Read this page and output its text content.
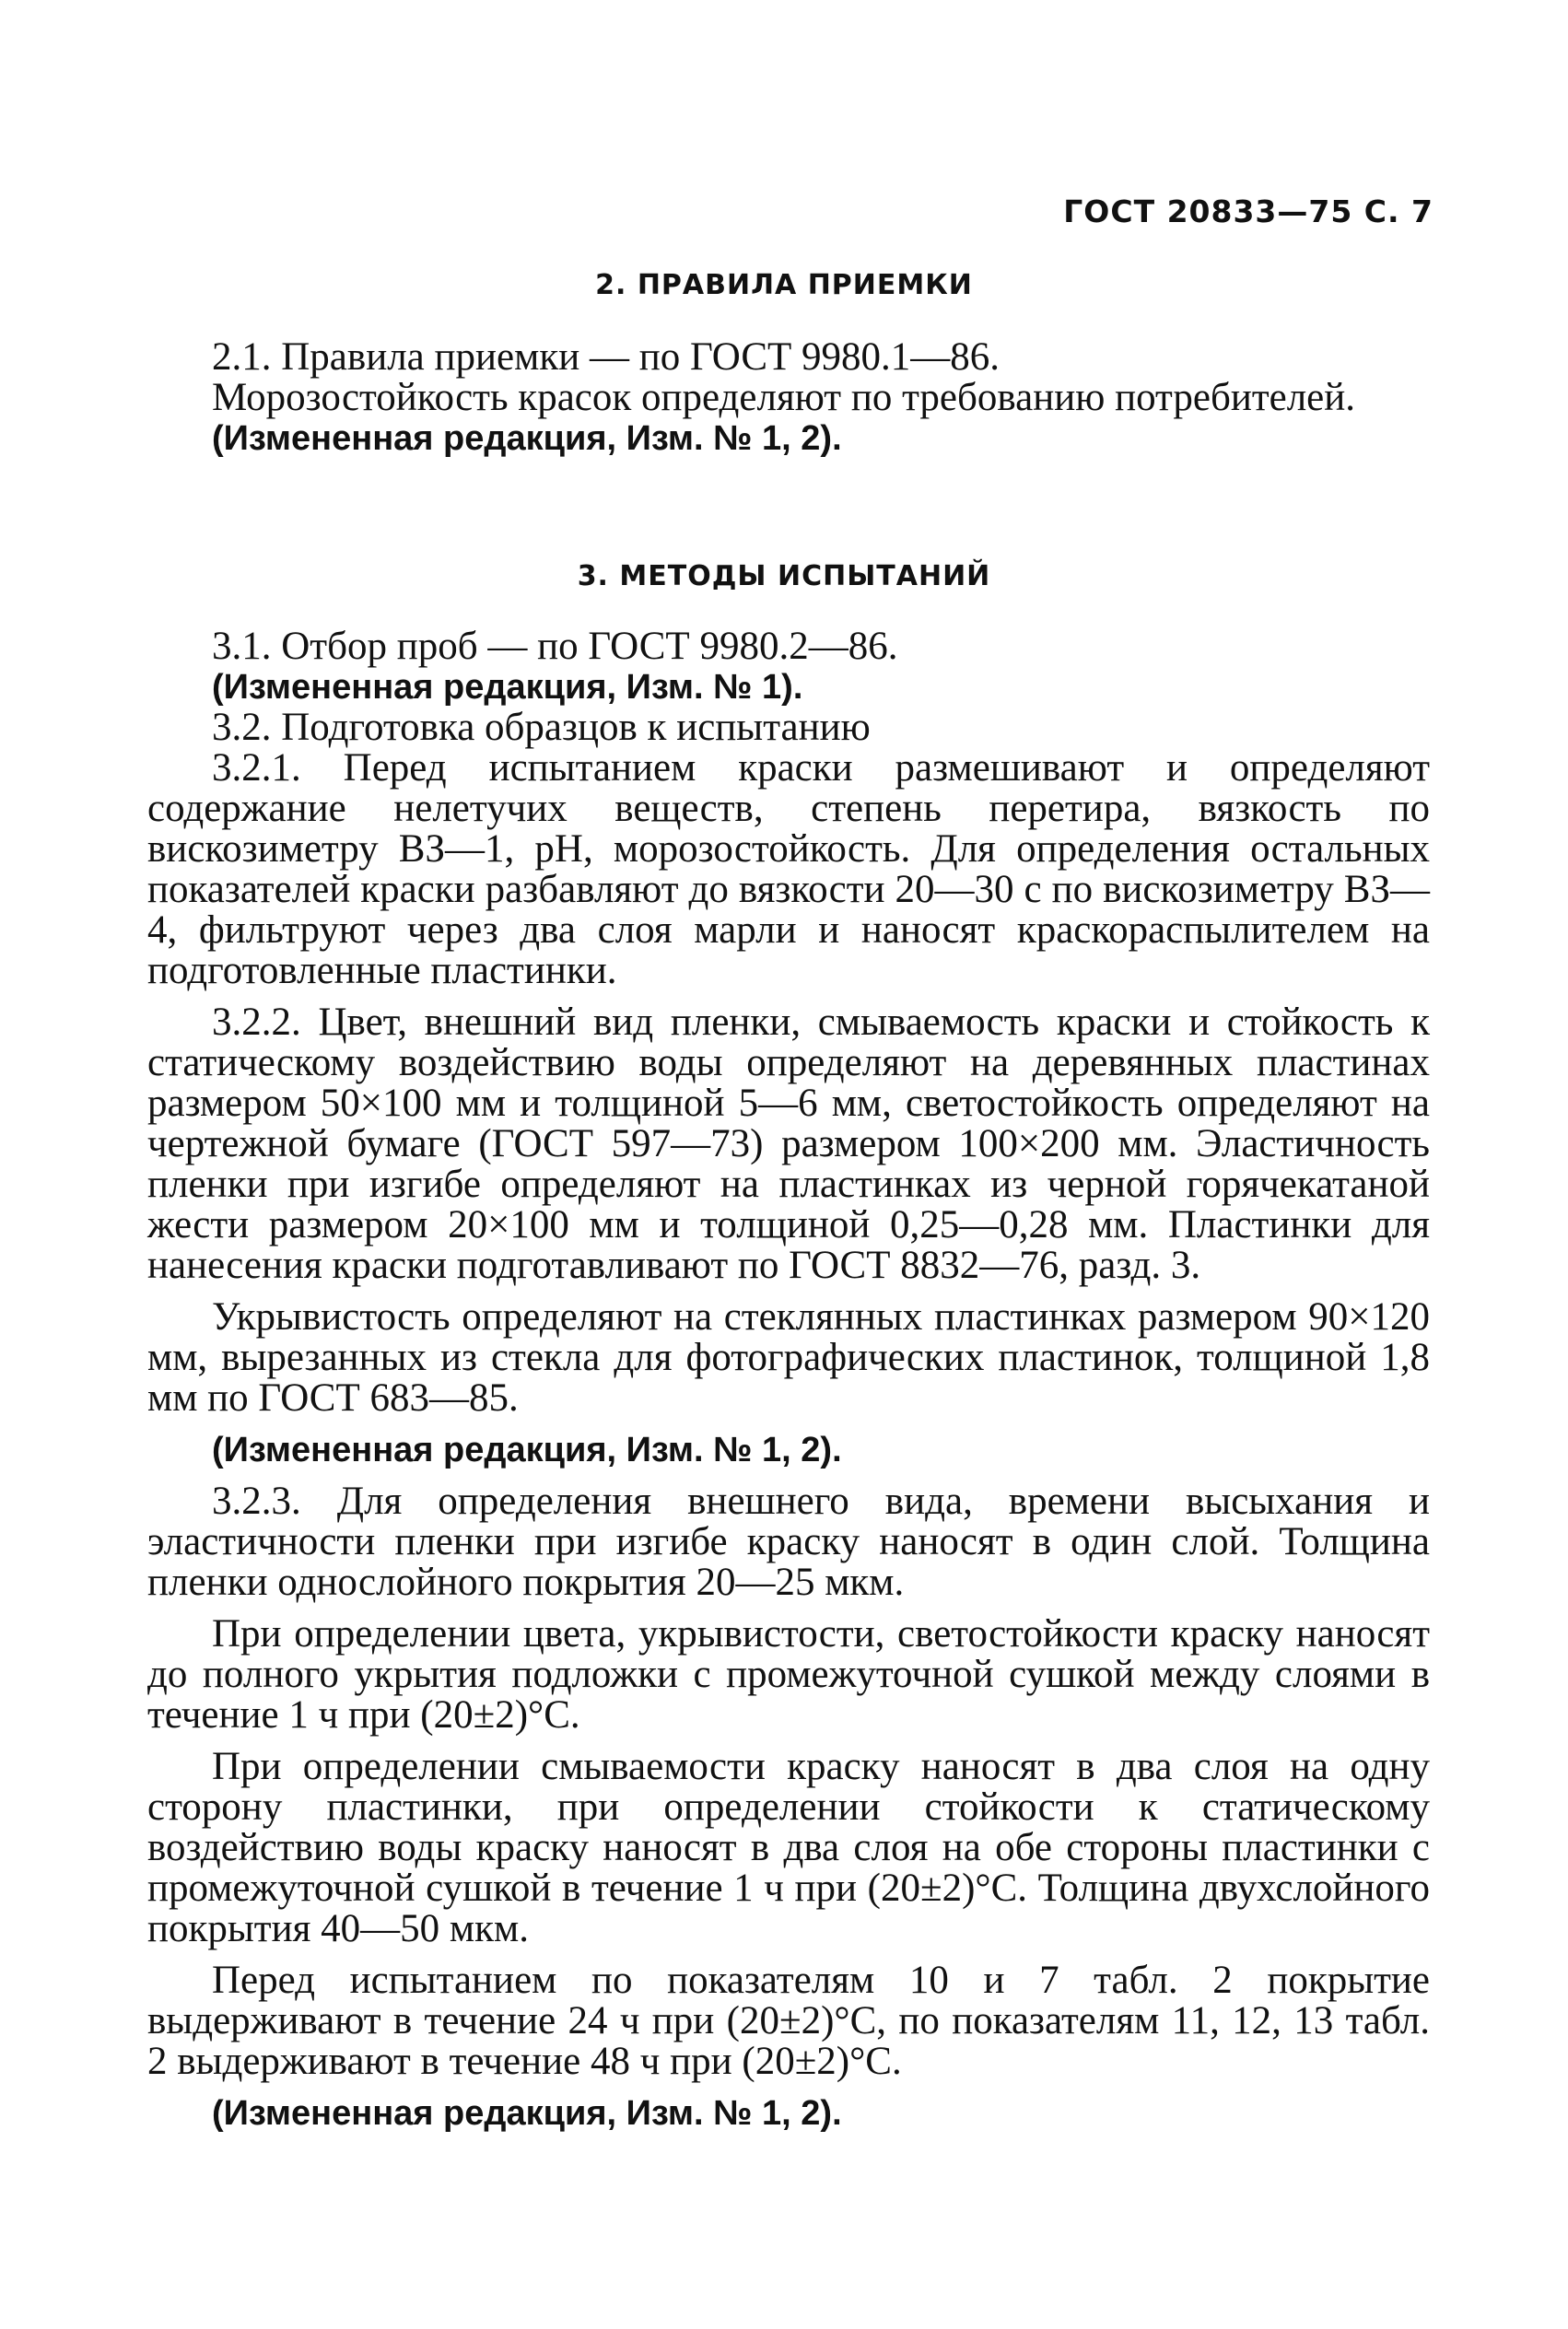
ГОСТ 20833—75 С. 7
2. ПРАВИЛА ПРИЕМКИ

2.1. Правила приемки — по ГОСТ 9980.1—86.

Морозостойкость красок определяют по требованию потребителей.

(Измененная редакция, Изм. № 1, 2).

3. МЕТОДЫ ИСПЫТАНИЙ

3.1. Отбор проб — по ГОСТ 9980.2—86.

(Измененная редакция, Изм. № 1).

3.2. Подготовка образцов к испытанию

3.2.1. Перед испытанием краски размешивают и определяют содержание нелетучих веществ, степень перетира, вязкость по вискозиметру ВЗ—1, рН, морозостойкость. Для определения остальных показателей краски разбавляют до вязкости 20—30 с по вискозиметру ВЗ—4, фильтруют через два слоя марли и наносят краскораспылителем на подготовленные пластинки.

3.2.2. Цвет, внешний вид пленки, смываемость краски и стойкость к статическому воздействию воды определяют на деревянных пластинах размером 50×100 мм и толщиной 5—6 мм, светостойкость определяют на чертежной бумаге (ГОСТ 597—73) размером 100×200 мм. Эластичность пленки при изгибе определяют на пластинках из черной горячекатаной жести размером 20×100 мм и толщиной 0,25—0,28 мм. Пластинки для нанесения краски подготавливают по ГОСТ 8832—76, разд. 3.

Укрывистость определяют на стеклянных пластинках размером 90×120 мм, вырезанных из стекла для фотографических пластинок, толщиной 1,8 мм по ГОСТ 683—85.

(Измененная редакция, Изм. № 1, 2).

3.2.3. Для определения внешнего вида, времени высыхания и эластичности пленки при изгибе краску наносят в один слой. Толщина пленки однослойного покрытия 20—25 мкм.

При определении цвета, укрывистости, светостойкости краску наносят до полного укрытия подложки с промежуточной сушкой между слоями в течение 1 ч при (20±2)°С.

При определении смываемости краску наносят в два слоя на одну сторону пластинки, при определении стойкости к статическому воздействию воды краску наносят в два слоя на обе стороны пластинки с промежуточной сушкой в течение 1 ч при (20±2)°С. Толщина двухслойного покрытия 40—50 мкм.

Перед испытанием по показателям 10 и 7 табл. 2 покрытие выдерживают в течение 24 ч при (20±2)°С, по показателям 11, 12, 13 табл. 2 выдерживают в течение 48 ч при (20±2)°С.

(Измененная редакция, Изм. № 1, 2).
